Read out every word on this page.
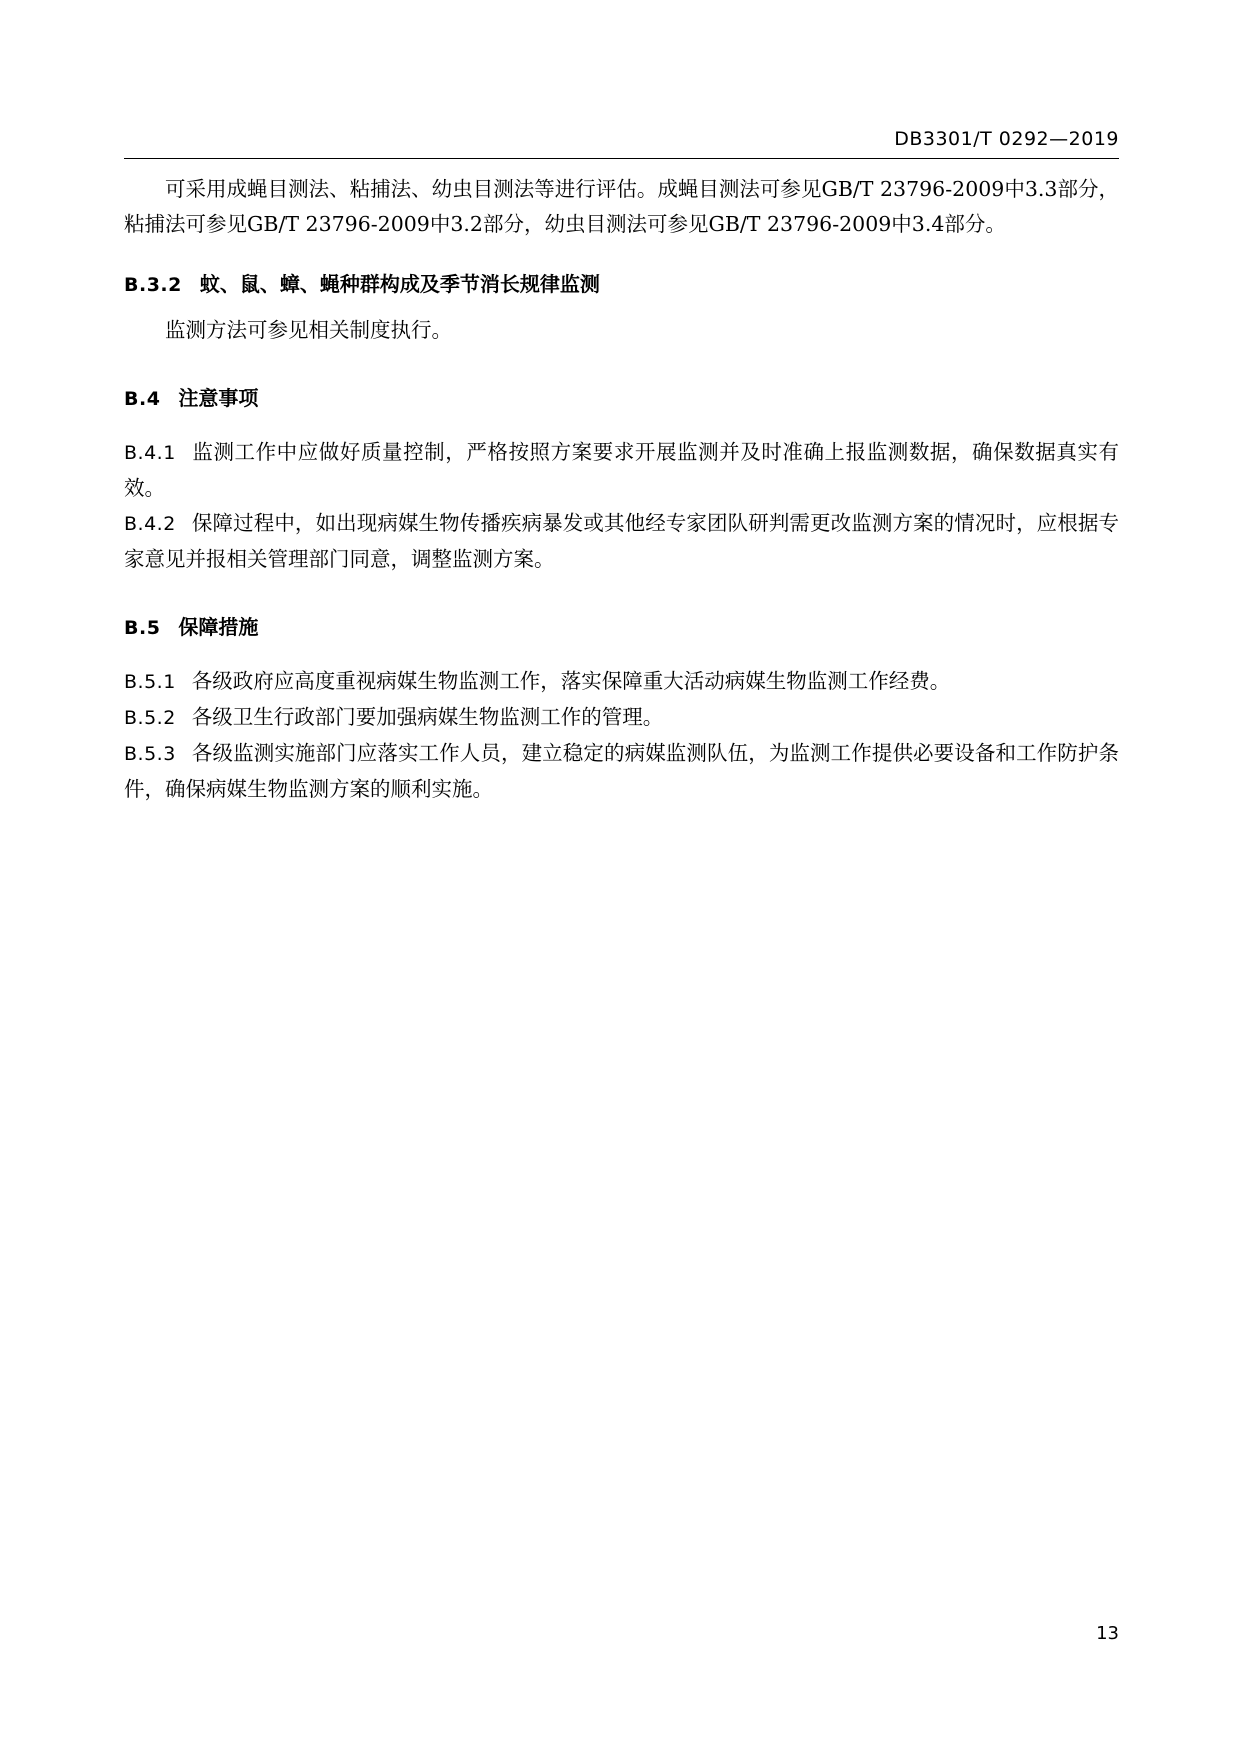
DB3301/T 0292—2019

可采用成蝇目测法、粘捕法、幼虫目测法等进行评估。成蝇目测法可参见GB/T 23796-2009中3.3部分，粘捕法可参见GB/T 23796-2009中3.2部分，幼虫目测法可参见GB/T 23796-2009中3.4部分。

B.3.2 蚊、鼠、蟑、蝇种群构成及季节消长规律监测

监测方法可参见相关制度执行。

B.4 注意事项

B.4.1 监测工作中应做好质量控制，严格按照方案要求开展监测并及时准确上报监测数据，确保数据真实有效。

B.4.2 保障过程中，如出现病媒生物传播疾病暴发或其他经专家团队研判需更改监测方案的情况时，应根据专家意见并报相关管理部门同意，调整监测方案。

B.5 保障措施

B.5.1 各级政府应高度重视病媒生物监测工作，落实保障重大活动病媒生物监测工作经费。

B.5.2 各级卫生行政部门要加强病媒生物监测工作的管理。

B.5.3 各级监测实施部门应落实工作人员，建立稳定的病媒监测队伍，为监测工作提供必要设备和工作防护条件，确保病媒生物监测方案的顺利实施。

13
